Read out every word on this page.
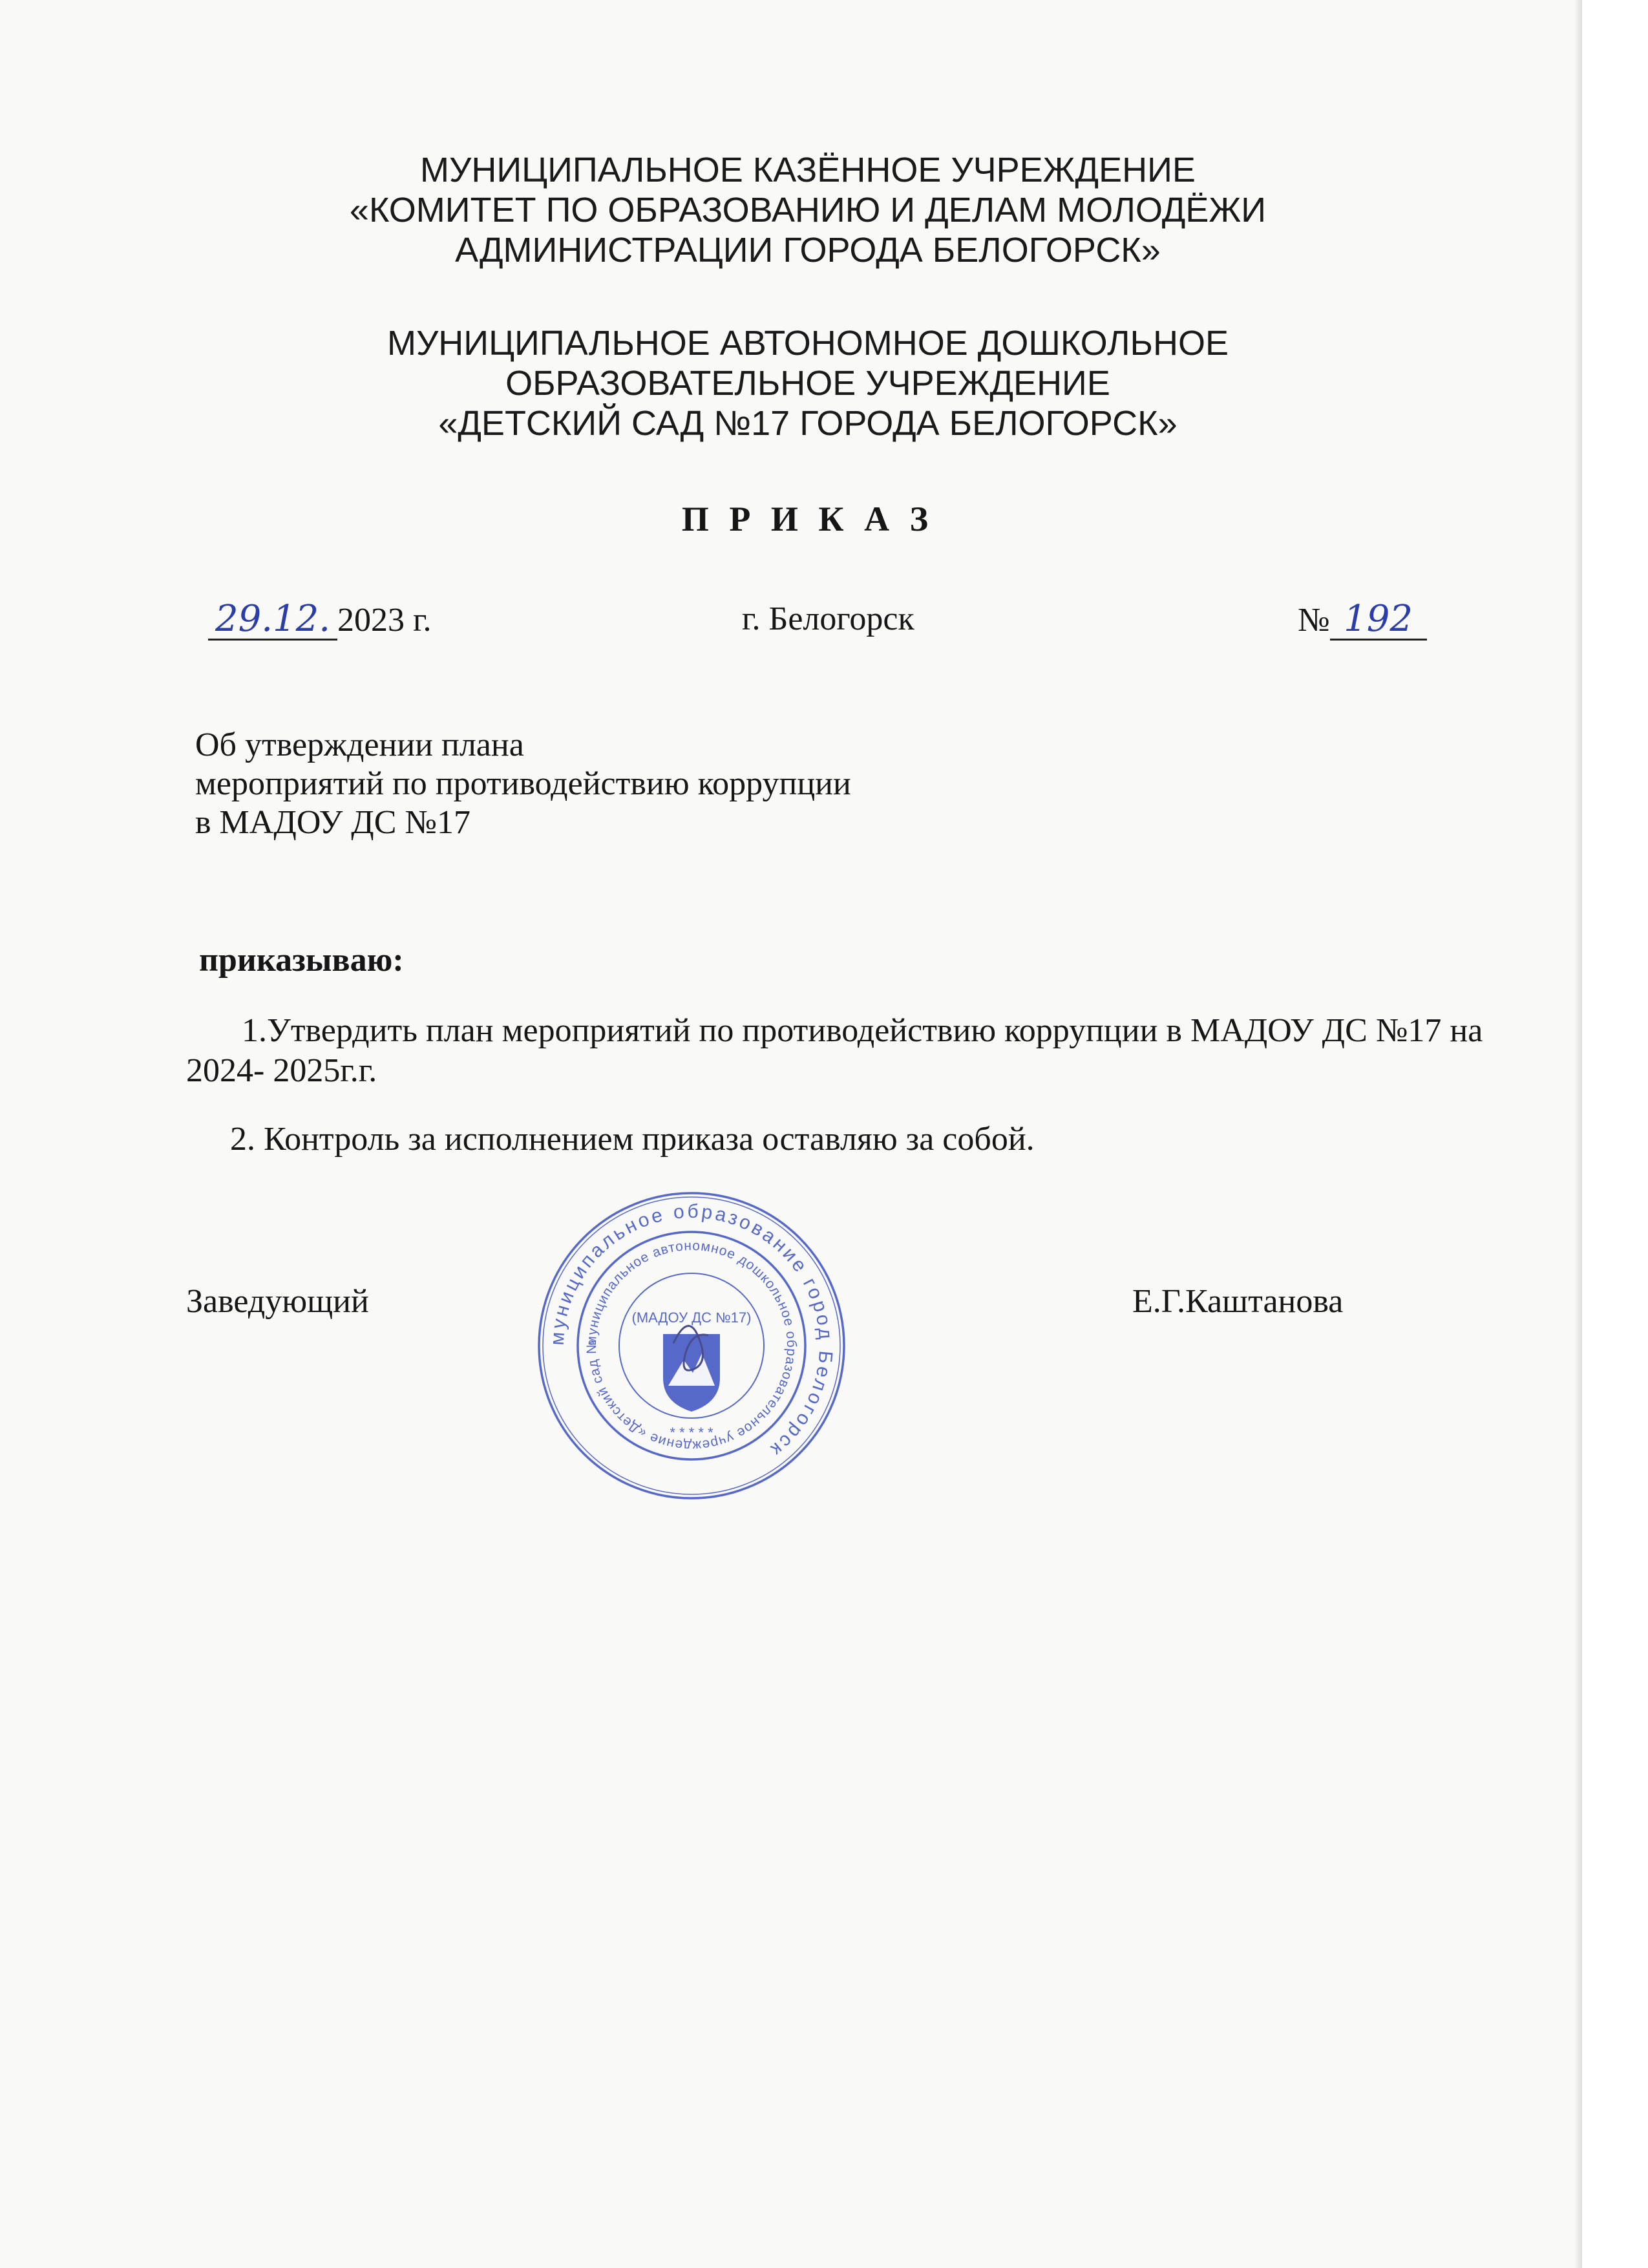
МУНИЦИПАЛЬНОЕ КАЗЁННОЕ УЧРЕЖДЕНИЕ
«КОМИТЕТ ПО ОБРАЗОВАНИЮ И ДЕЛАМ МОЛОДЁЖИ
АДМИНИСТРАЦИИ ГОРОДА БЕЛОГОРСК»
МУНИЦИПАЛЬНОЕ АВТОНОМНОЕ ДОШКОЛЬНОЕ
ОБРАЗОВАТЕЛЬНОЕ УЧРЕЖДЕНИЕ
«ДЕТСКИЙ САД №17 ГОРОДА БЕЛОГОРСК»
П Р И К А З
29.12. 2023 г.	г. Белогорск	№ 192
Об утверждении плана
мероприятий по противодействию коррупции
в МАДОУ ДС №17
приказываю:
1.Утвердить план мероприятий по противодействию коррупции в МАДОУ ДС №17 на 2024- 2025г.г.
2. Контроль за исполнением приказа оставляю за собой.
Заведующий	Е.Г.Каштанова
муниципальное образование город Белогорск
муниципальное автономное дошкольное образовательное учреждение «Детский сад №
(МАДОУ ДС №17)
* * * * *
